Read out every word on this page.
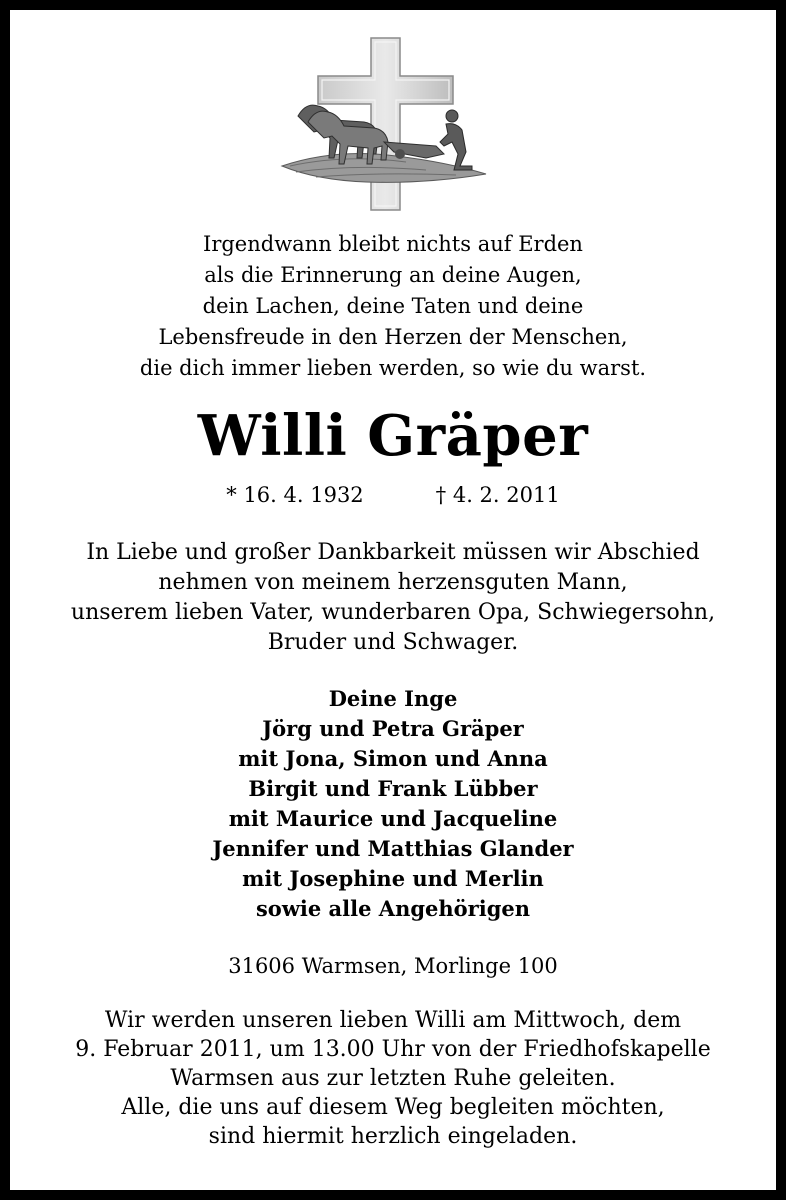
Irgendwann bleibt nichts auf Erden
als die Erinnerung an deine Augen,
dein Lachen, deine Taten und deine
Lebensfreude in den Herzen der Menschen,
die dich immer lieben werden, so wie du warst.
Willi Gräper
* 16. 4. 1932	† 4. 2. 2011
In Liebe und großer Dankbarkeit müssen wir Abschied
nehmen von meinem herzensguten Mann,
unserem lieben Vater, wunderbaren Opa, Schwiegersohn,
Bruder und Schwager.
Deine Inge
Jörg und Petra Gräper
mit Jona, Simon und Anna
Birgit und Frank Lübber
mit Maurice und Jacqueline
Jennifer und Matthias Glander
mit Josephine und Merlin
sowie alle Angehörigen
31606 Warmsen, Morlinge 100
Wir werden unseren lieben Willi am Mittwoch, dem
9. Februar 2011, um 13.00 Uhr von der Friedhofskapelle
Warmsen aus zur letzten Ruhe geleiten.
Alle, die uns auf diesem Weg begleiten möchten,
sind hiermit herzlich eingeladen.
